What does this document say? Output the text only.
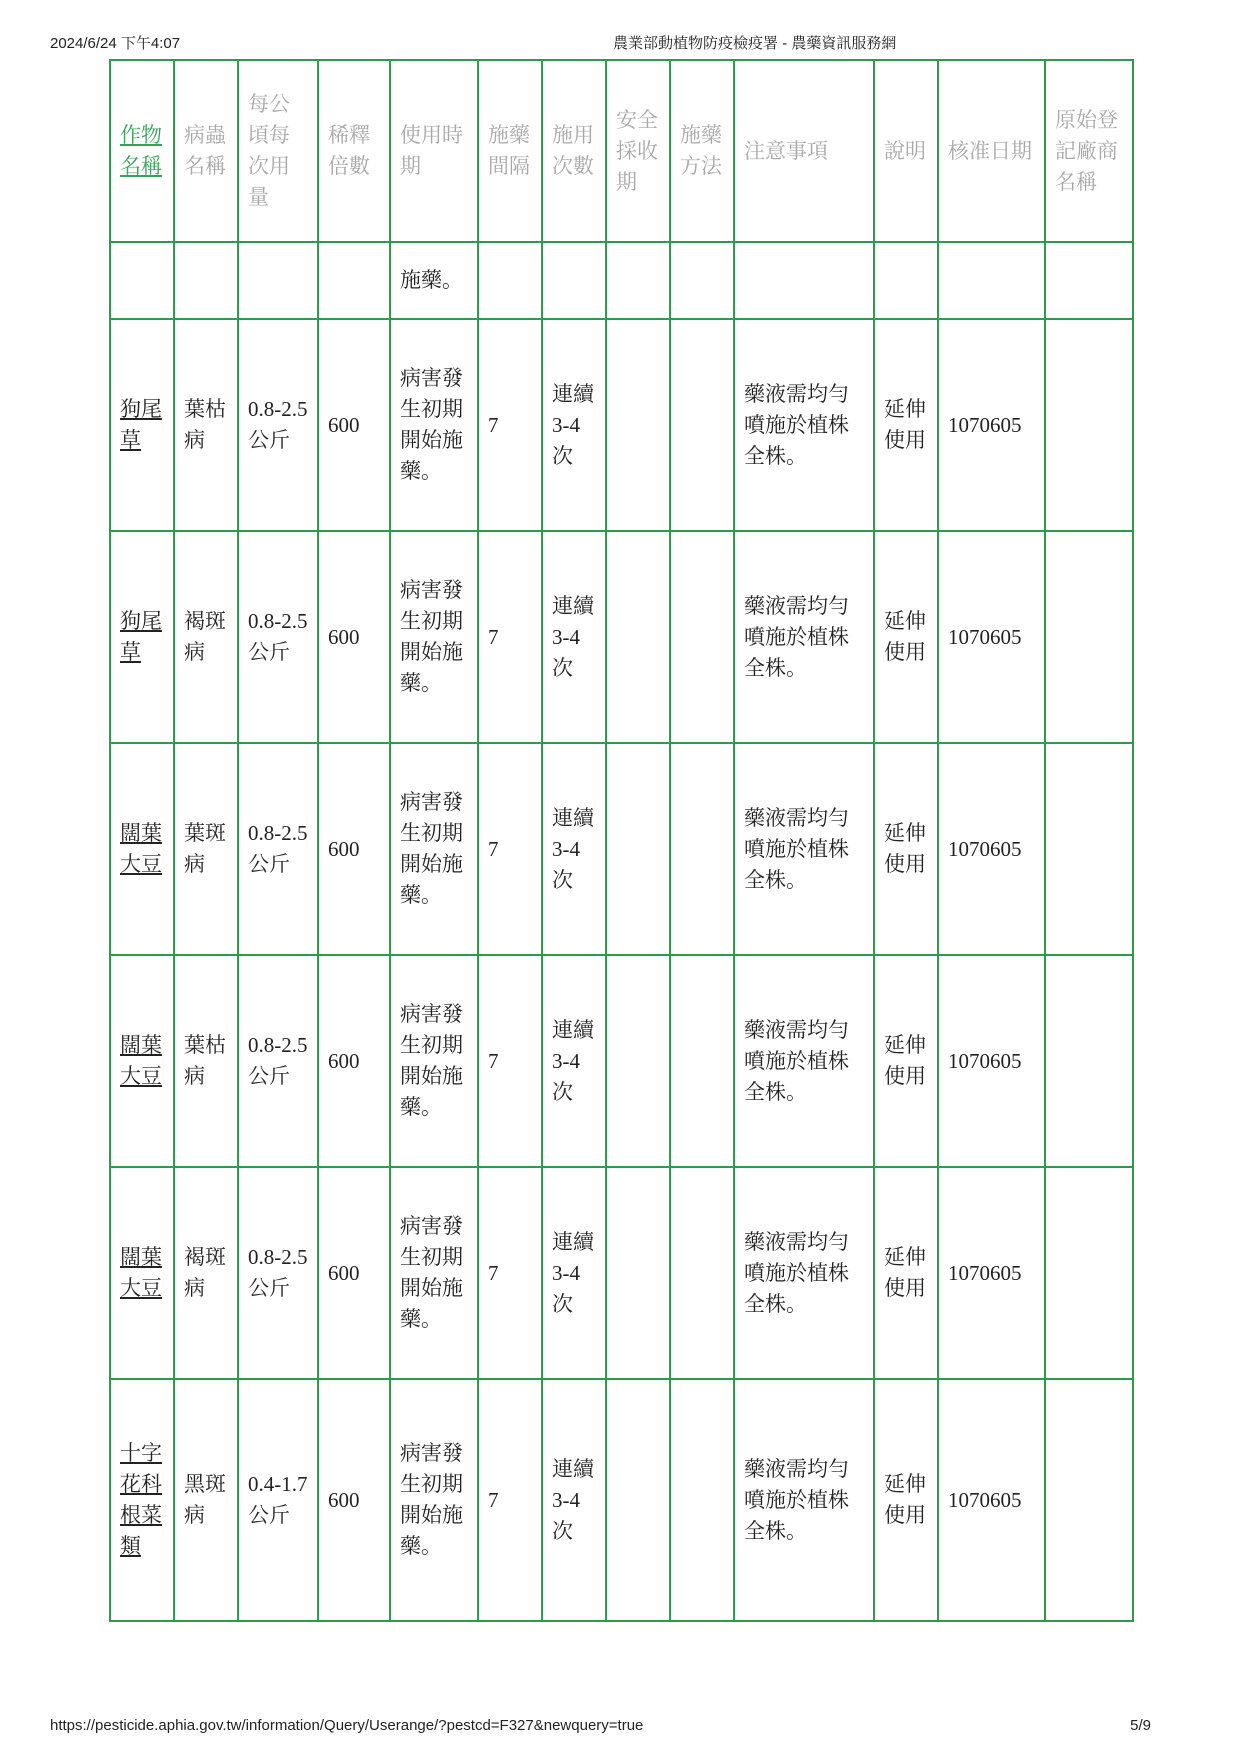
2024/6/24 下午4:07	農業部動植物防疫檢疫署 - 農藥資訊服務網
作物名稱	病蟲名稱	每公頃每次用量	稀釋倍數	使用時期	施藥間隔	施用次數	安全採收期	施藥方法	注意事項	說明	核准日期	原始登記廠商名稱
				施藥。								
狗尾草	葉枯病	0.8-2.5公斤	600	病害發生初期開始施藥。	7	連續3-4次			藥液需均勻噴施於植株全株。	延伸使用	1070605	
狗尾草	褐斑病	0.8-2.5公斤	600	病害發生初期開始施藥。	7	連續3-4次			藥液需均勻噴施於植株全株。	延伸使用	1070605	
闊葉大豆	葉斑病	0.8-2.5公斤	600	病害發生初期開始施藥。	7	連續3-4次			藥液需均勻噴施於植株全株。	延伸使用	1070605	
闊葉大豆	葉枯病	0.8-2.5公斤	600	病害發生初期開始施藥。	7	連續3-4次			藥液需均勻噴施於植株全株。	延伸使用	1070605	
闊葉大豆	褐斑病	0.8-2.5公斤	600	病害發生初期開始施藥。	7	連續3-4次			藥液需均勻噴施於植株全株。	延伸使用	1070605	
十字花科根菜類	黑斑病	0.4-1.7公斤	600	病害發生初期開始施藥。	7	連續3-4次			藥液需均勻噴施於植株全株。	延伸使用	1070605	
https://pesticide.aphia.gov.tw/information/Query/Userange/?pestcd=F327&newquery=true	5/9
